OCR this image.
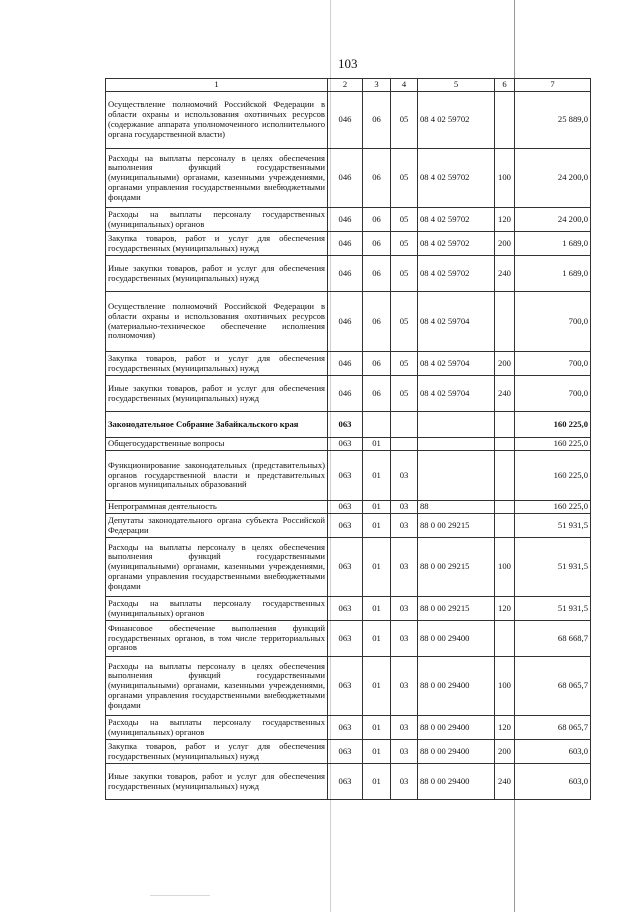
103
1	2	3	4	5	6	7
Осуществление полномочий Российской Федерации в области охраны и использования охотничьих ресурсов (содержание аппарата уполномоченного исполнительного органа государственной власти)	046	06	05	08 4 02 59702		25 889,0
Расходы на выплаты персоналу в целях обеспечения выполнения функций государственными (муниципальными) органами, казенными учреждениями, органами управления государственными внебюджетными фондами	046	06	05	08 4 02 59702	100	24 200,0
Расходы на выплаты персоналу государственных (муниципальных) органов	046	06	05	08 4 02 59702	120	24 200,0
Закупка товаров, работ и услуг для обеспечения государственных (муниципальных) нужд	046	06	05	08 4 02 59702	200	1 689,0
Иные закупки товаров, работ и услуг для обеспечения государственных (муниципальных) нужд	046	06	05	08 4 02 59702	240	1 689,0
Осуществление полномочий Российской Федерации в области охраны и использования охотничьих ресурсов (материально-техническое обеспечение исполнения полномочия)	046	06	05	08 4 02 59704		700,0
Закупка товаров, работ и услуг для обеспечения государственных (муниципальных) нужд	046	06	05	08 4 02 59704	200	700,0
Иные закупки товаров, работ и услуг для обеспечения государственных (муниципальных) нужд	046	06	05	08 4 02 59704	240	700,0
Законодательное Собрание Забайкальского края	063					160 225,0
Общегосударственные вопросы	063	01				160 225,0
Функционирование законодательных (представительных) органов государственной власти и представительных органов муниципальных образований	063	01	03			160 225,0
Непрограммная деятельность	063	01	03	88		160 225,0
Депутаты законодательного органа субъекта Российской Федерации	063	01	03	88 0 00 29215		51 931,5
Расходы на выплаты персоналу в целях обеспечения выполнения функций государственными (муниципальными) органами, казенными учреждениями, органами управления государственными внебюджетными фондами	063	01	03	88 0 00 29215	100	51 931,5
Расходы на выплаты персоналу государственных (муниципальных) органов	063	01	03	88 0 00 29215	120	51 931,5
Финансовое обеспечение выполнения функций государственных органов, в том числе территориальных органов	063	01	03	88 0 00 29400		68 668,7
Расходы на выплаты персоналу в целях обеспечения выполнения функций государственными (муниципальными) органами, казенными учреждениями, органами управления государственными внебюджетными фондами	063	01	03	88 0 00 29400	100	68 065,7
Расходы на выплаты персоналу государственных (муниципальных) органов	063	01	03	88 0 00 29400	120	68 065,7
Закупка товаров, работ и услуг для обеспечения государственных (муниципальных) нужд	063	01	03	88 0 00 29400	200	603,0
Иные закупки товаров, работ и услуг для обеспечения государственных (муниципальных) нужд	063	01	03	88 0 00 29400	240	603,0
